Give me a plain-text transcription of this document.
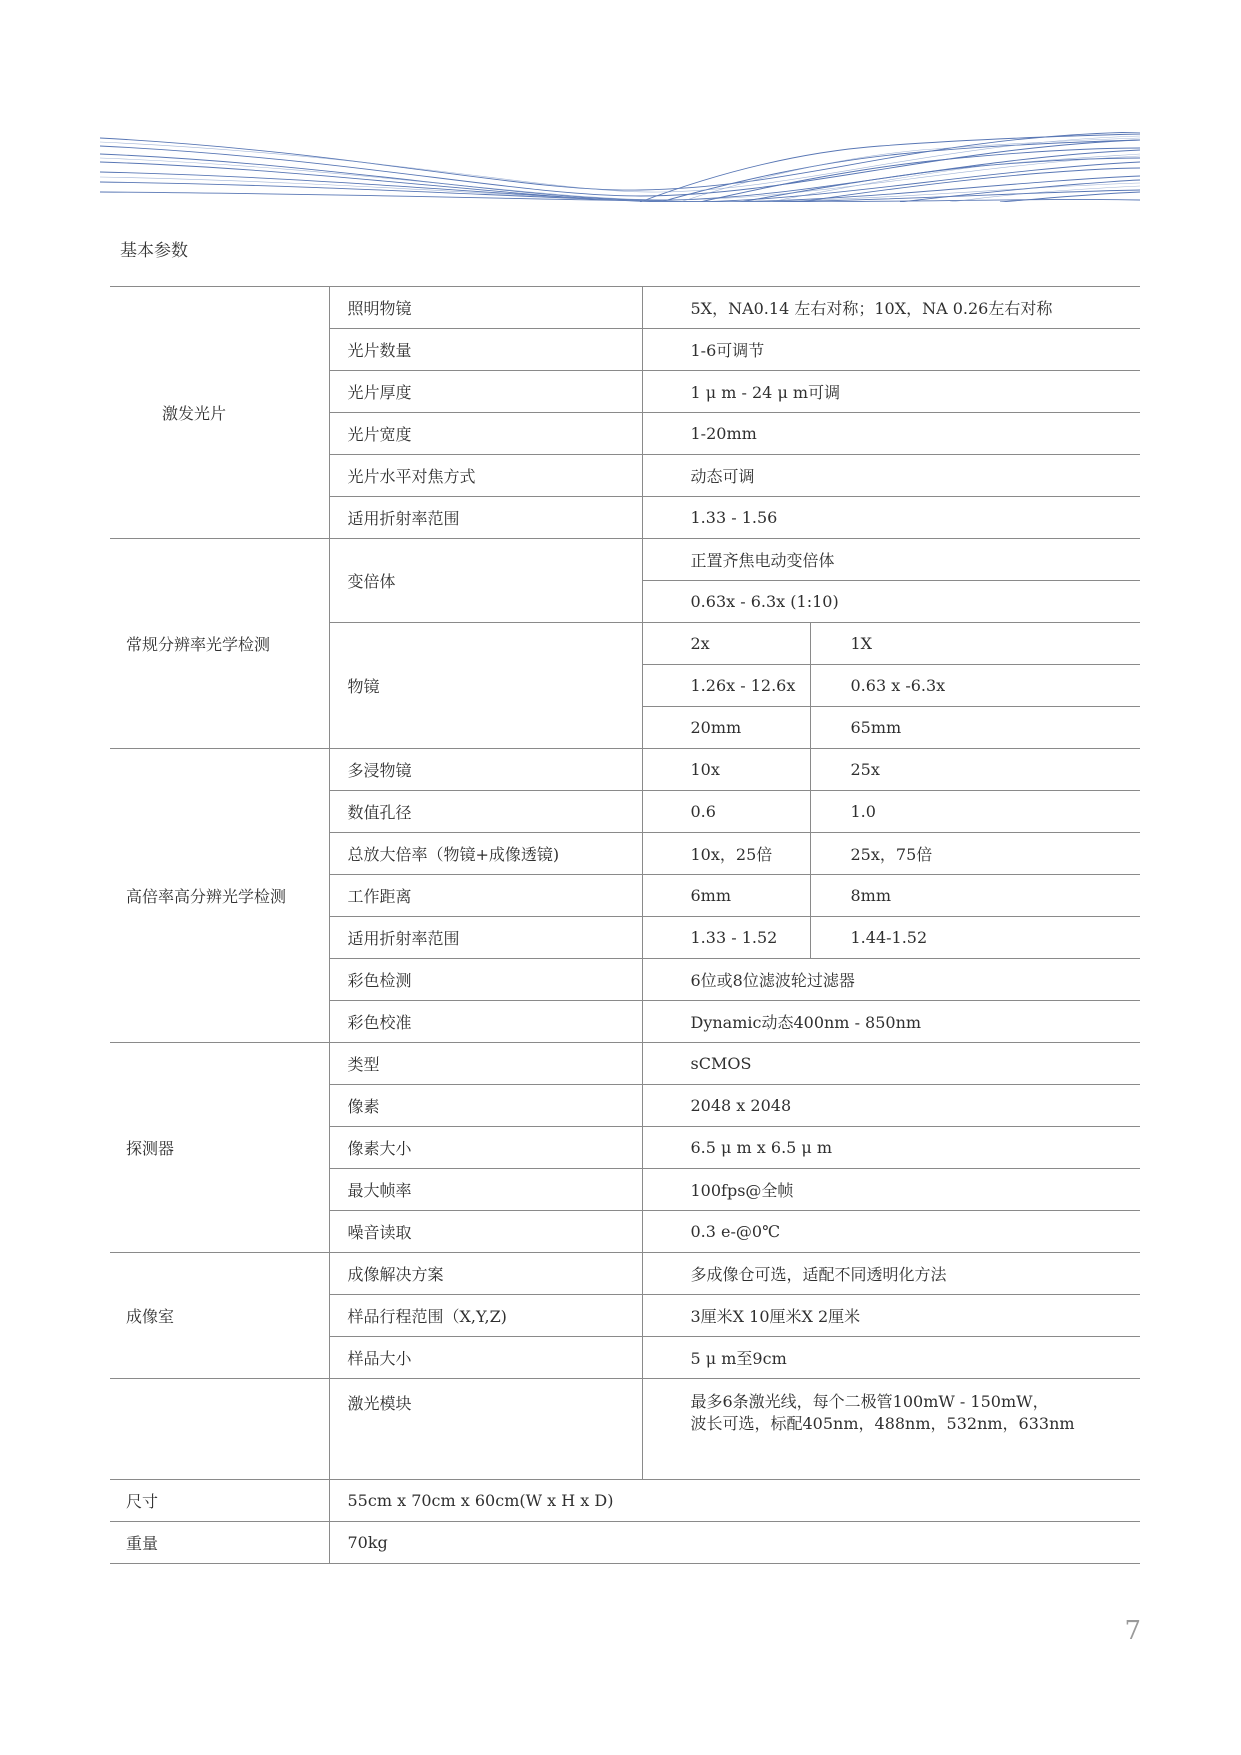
基本参数
激发光片	照明物镜	5X，NA0.14 左右对称；10X，NA 0.26左右对称	
	光片数量	1-6可调节	
	光片厚度	1 μ m - 24 μ m可调	
	光片宽度	1-20mm	
	光片水平对焦方式	动态可调	
	适用折射率范围	1.33 - 1.56	
常规分辨率光学检测	变倍体	正置齐焦电动变倍体	
		0.63x - 6.3x (1:10)	
	物镜	2x	1X
		1.26x - 12.6x	0.63 x -6.3x
		20mm	65mm
高倍率高分辨光学检测	多浸物镜	10x	25x
	数值孔径	0.6	1.0
	总放大倍率（物镜+成像透镜)	10x，25倍	25x，75倍
	工作距离	6mm	8mm
	适用折射率范围	1.33 - 1.52	1.44-1.52
	彩色检测	6位或8位滤波轮过滤器	
	彩色校准	Dynamic动态400nm - 850nm	
探测器	类型	sCMOS	
	像素	2048 x 2048	
	像素大小	6.5 μ m x 6.5 μ m	
	最大帧率	100fps@全帧	
	噪音读取	0.3 e-@0℃	
成像室	成像解决方案	多成像仓可选，适配不同透明化方法	
	样品行程范围（X,Y,Z)	3厘米X 10厘米X 2厘米	
	样品大小	5 μ m至9cm	
	激光模块	最多6条激光线，每个二极管100mW - 150mW，
波长可选，标配405nm，488nm，532nm，633nm	

尺寸	55cm x 70cm x 60cm(W x H x D)		
重量	70kg		
7
